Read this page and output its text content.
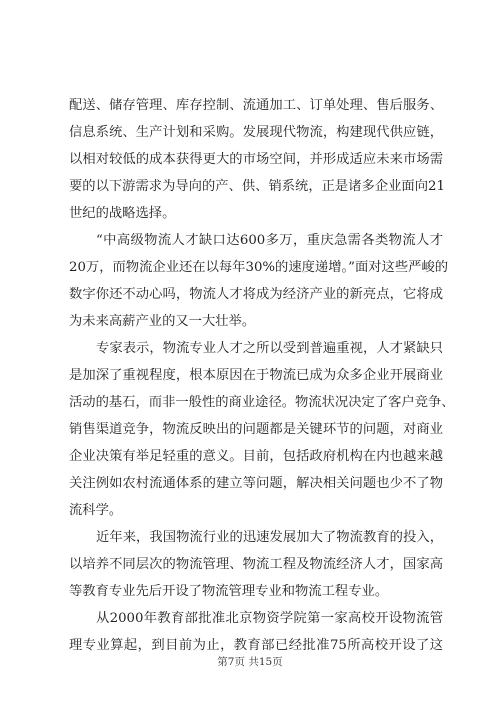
配送、储存管理、库存控制、流通加工、订单处理、售后服务、
信息系统、生产计划和采购。发展现代物流，构建现代供应链，
以相对较低的成本获得更大的市场空间，并形成适应未来市场需
要的以下游需求为导向的产、供、销系统，正是诸多企业面向21
世纪的战略选择。

“中高级物流人才缺口达600多万，重庆急需各类物流人才
20万，而物流企业还在以每年30%的速度递增。”面对这些严峻的
数字你还不动心吗，物流人才将成为经济产业的新亮点，它将成
为未来高薪产业的又一大壮举。

专家表示，物流专业人才之所以受到普遍重视，人才紧缺只
是加深了重视程度，根本原因在于物流已成为众多企业开展商业
活动的基石，而非一般性的商业途径。物流状况决定了客户竞争、
销售渠道竞争，物流反映出的问题都是关键环节的问题，对商业
企业决策有举足轻重的意义。目前，包括政府机构在内也越来越
关注例如农村流通体系的建立等问题，解决相关问题也少不了物
流科学。

近年来，我国物流行业的迅速发展加大了物流教育的投入，
以培养不同层次的物流管理、物流工程及物流经济人才，国家高
等教育专业先后开设了物流管理专业和物流工程专业。

从2000年教育部批准北京物资学院第一家高校开设物流管
理专业算起，到目前为止，教育部已经批准75所高校开设了这

第7页 共15页
